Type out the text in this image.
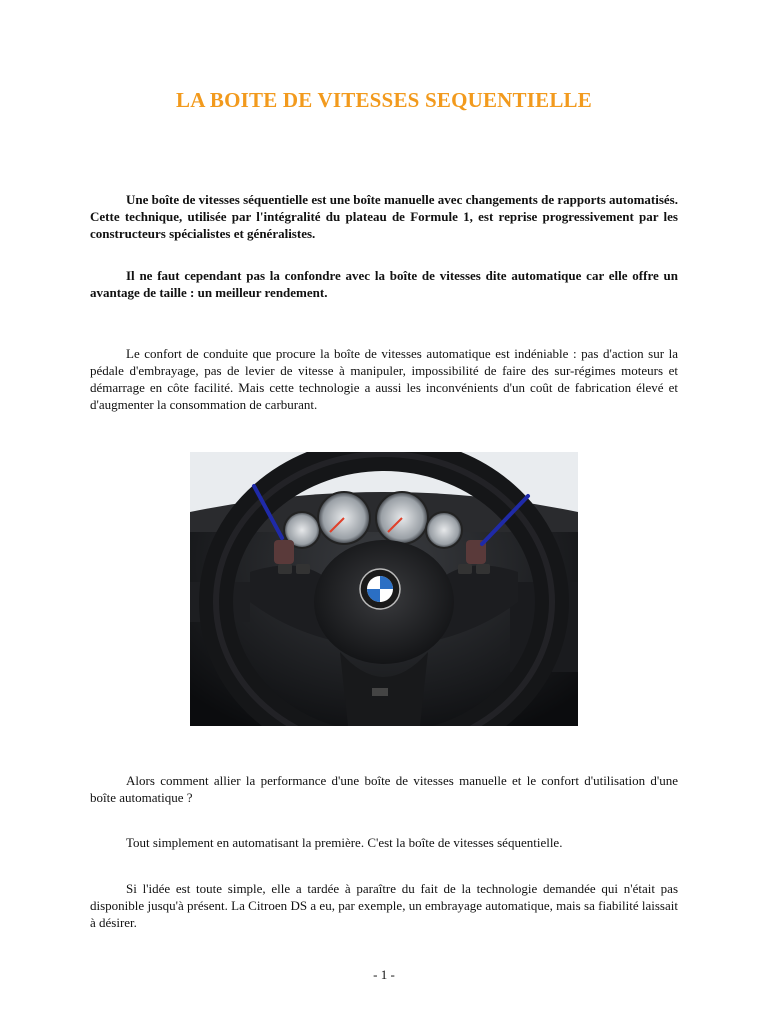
LA BOITE DE VITESSES SEQUENTIELLE

Une boîte de vitesses séquentielle est une boîte manuelle avec changements de rapports automatisés. Cette technique, utilisée par l'intégralité du plateau de Formule 1, est reprise progressivement par les constructeurs spécialistes et généralistes.

Il ne faut cependant pas la confondre avec la boîte de vitesses dite automatique car elle offre un avantage de taille : un meilleur rendement.

Le confort de conduite que procure la boîte de vitesses automatique est indéniable : pas d'action sur la pédale d'embrayage, pas de levier de vitesse à manipuler, impossibilité de faire des sur-régimes moteurs et démarrage en côte facilité. Mais cette technologie a aussi les inconvénients d'un coût de fabrication élevé et d'augmenter la consommation de carburant.

Alors comment allier la performance d'une boîte de vitesses manuelle et le confort d'utilisation d'une boîte automatique ?

Tout simplement en automatisant la première. C'est la boîte de vitesses séquentielle.

Si l'idée est toute simple, elle a tardée à paraître du fait de la technologie demandée qui n'était pas disponible jusqu'à présent. La Citroen DS a eu, par exemple, un embrayage automatique, mais sa fiabilité laissait à désirer.

- 1 -
